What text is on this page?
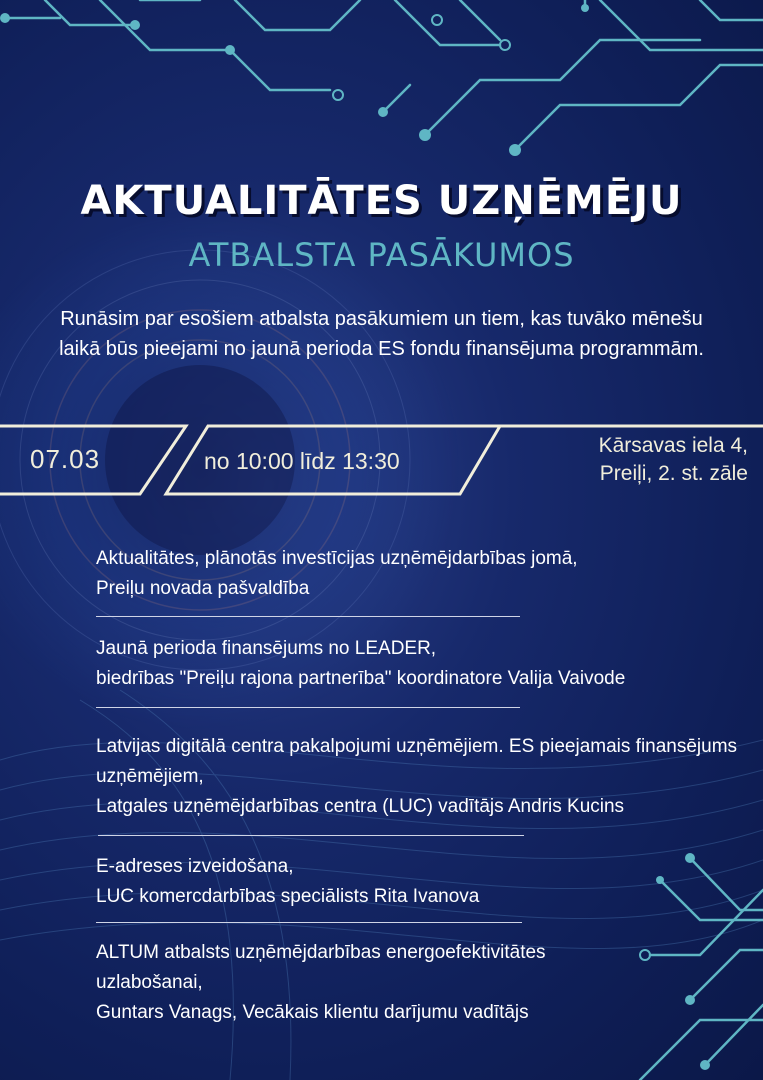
AKTUALITĀTES UZŅĒMĒJU
ATBALSTA PASĀKUMOS
Runāsim par esošiem atbalsta pasākumiem un tiem, kas tuvāko mēnešu laikā būs pieejami no jaunā perioda ES fondu finansējuma programmām.
07.03	no 10:00 līdz 13:30
Kārsavas iela 4,
Preiļi, 2. st. zāle
Aktualitātes, plānotās investīcijas uzņēmējdarbības jomā,
Preiļu novada pašvaldība
Jaunā perioda finansējums no LEADER,
biedrības "Preiļu rajona partnerība" koordinatore Valija Vaivode
Latvijas digitālā centra pakalpojumi uzņēmējiem. ES pieejamais finansējums uzņēmējiem,
Latgales uzņēmējdarbības centra (LUC) vadītājs Andris Kucins
E-adreses izveidošana,
LUC komercdarbības speciālists Rita Ivanova
ALTUM atbalsts uzņēmējdarbības energoefektivitātes uzlabošanai,
Guntars Vanags, Vecākais klientu darījumu vadītājs
